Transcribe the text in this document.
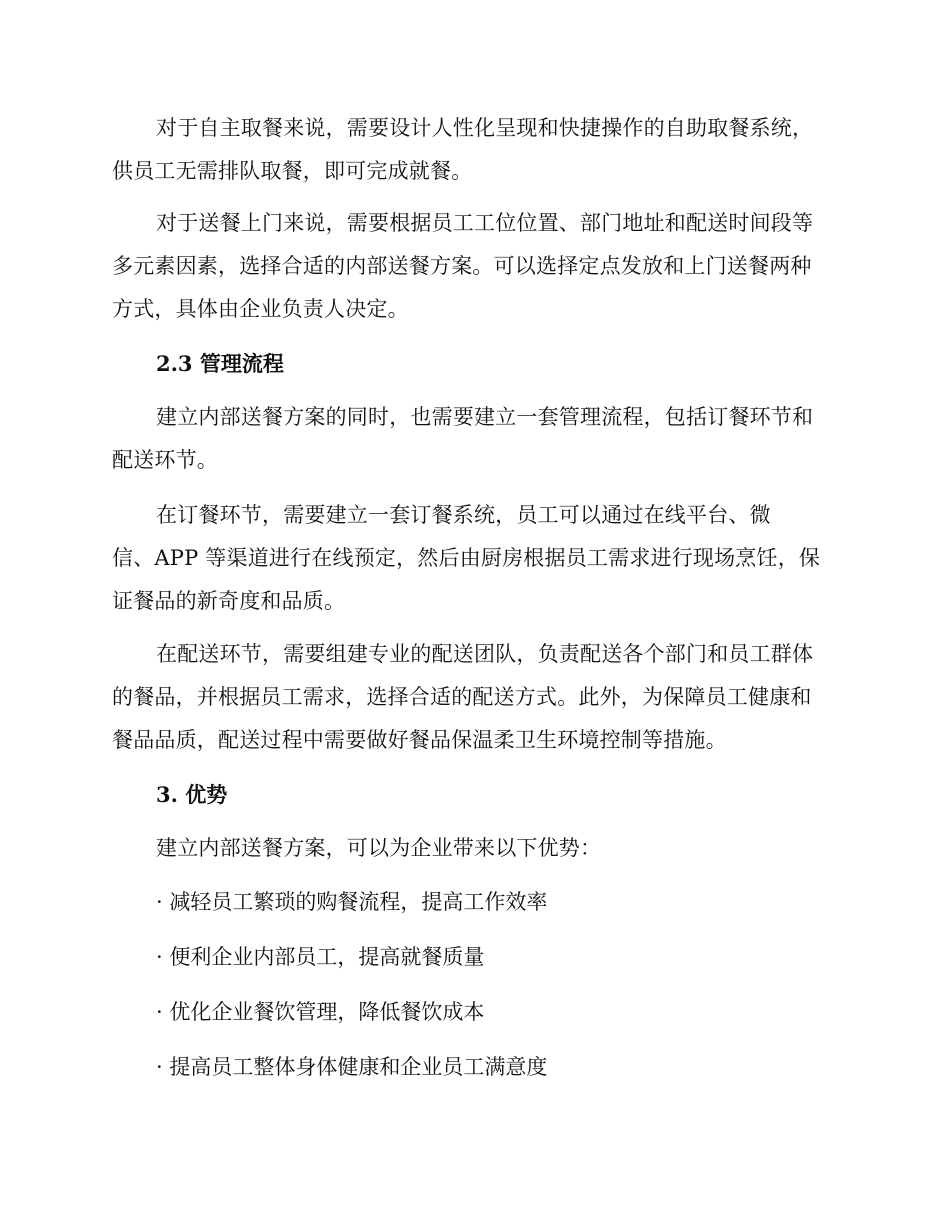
对于自主取餐来说，需要设计人性化呈现和快捷操作的自助取餐系统，
供员工无需排队取餐，即可完成就餐。
对于送餐上门来说，需要根据员工工位位置、部门地址和配送时间段等
多元素因素，选择合适的内部送餐方案。可以选择定点发放和上门送餐两种
方式，具体由企业负责人决定。
2.3 管理流程
建立内部送餐方案的同时，也需要建立一套管理流程，包括订餐环节和
配送环节。
在订餐环节，需要建立一套订餐系统，员工可以通过在线平台、微
信、APP 等渠道进行在线预定，然后由厨房根据员工需求进行现场烹饪，保
证餐品的新奇度和品质。
在配送环节，需要组建专业的配送团队，负责配送各个部门和员工群体
的餐品，并根据员工需求，选择合适的配送方式。此外，为保障员工健康和
餐品品质，配送过程中需要做好餐品保温柔卫生环境控制等措施。
3. 优势
建立内部送餐方案，可以为企业带来以下优势：
· 减轻员工繁琐的购餐流程，提高工作效率
· 便利企业内部员工，提高就餐质量
· 优化企业餐饮管理，降低餐饮成本
· 提高员工整体身体健康和企业员工满意度
